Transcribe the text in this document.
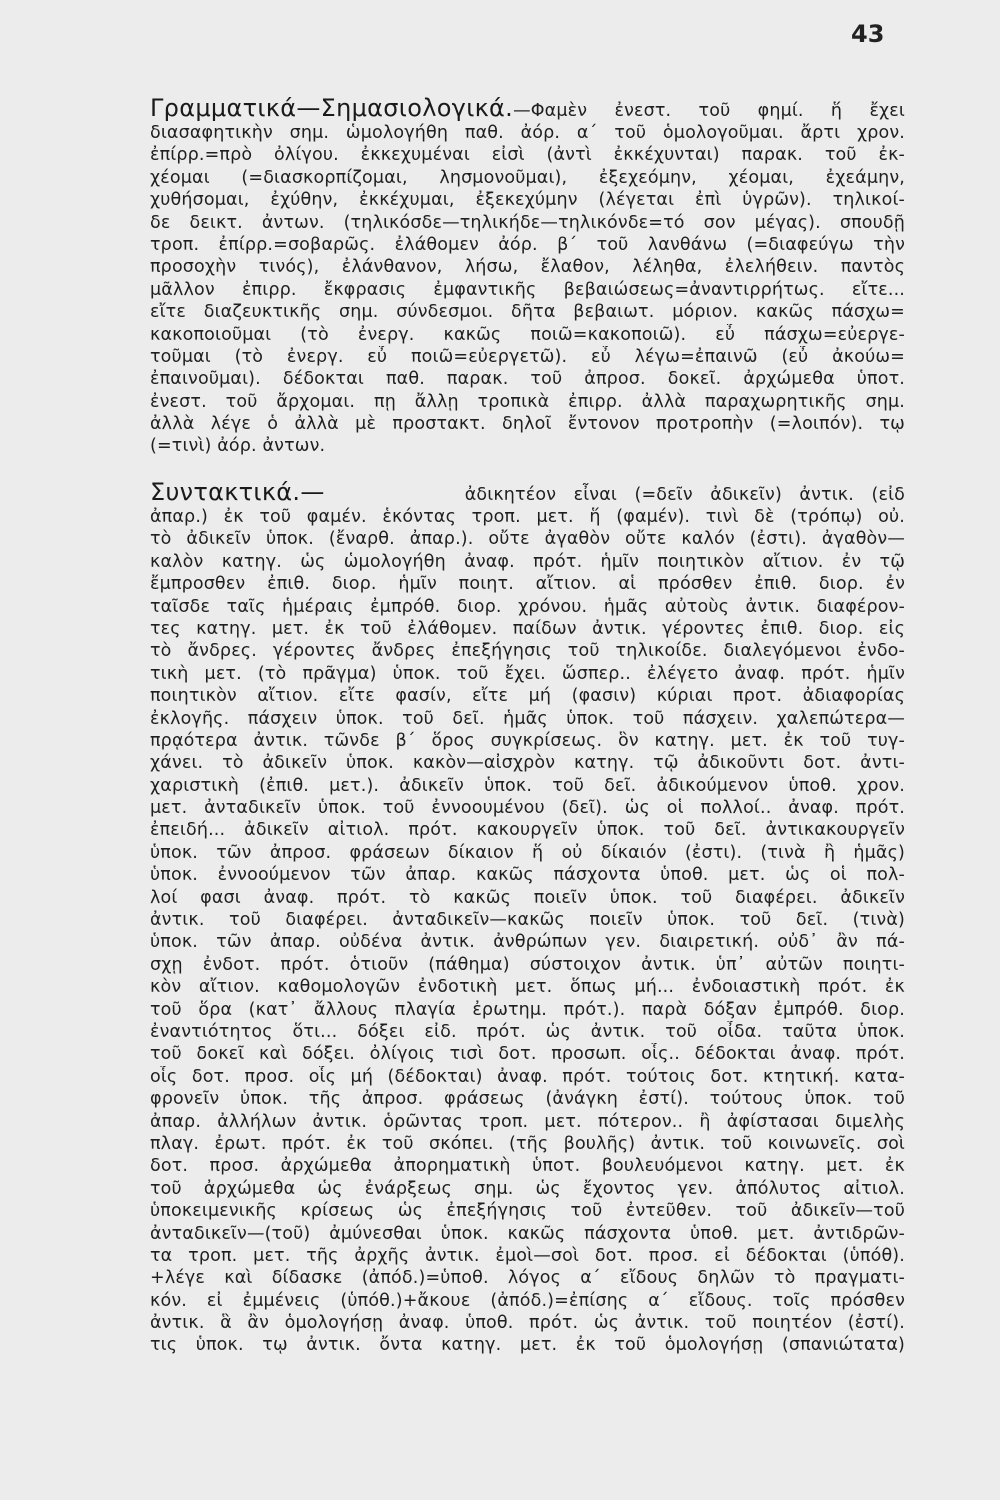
43
Γραμματικά—Σημασιολογικά.—Φαμὲν ἐνεστ. τοῦ φημί. ἥ ἔχει
διασαφητικὴν σημ. ὡμολογήθη παθ. ἀόρ. α΄ τοῦ ὁμολογοῦμαι. ἄρτι χρον.
ἐπίρρ.=πρὸ ὀλίγου. ἐκκεχυμέναι εἰσὶ (ἀντὶ ἐκκέχυνται) παρακ. τοῦ ἐκ-
χέομαι (=διασκορπίζομαι, λησμονοῦμαι), ἐξεχεόμην, χέομαι, ἐχεάμην,
χυθήσομαι, ἐχύθην, ἐκκέχυμαι, ἐξεκεχύμην (λέγεται ἐπὶ ὑγρῶν). τηλικοί-
δε δεικτ. ἀντων. (τηλικόσδε—τηλικήδε—τηλικόνδε=τό σον μέγας). σπουδῇ
τροπ. ἐπίρρ.=σοβαρῶς. ἐλάθομεν ἀόρ. β΄ τοῦ λανθάνω (=διαφεύγω τὴν
προσοχὴν τινός), ἐλάνθανον, λήσω, ἔλαθον, λέληθα, ἐλελήθειν. παντὸς
μᾶλλον ἐπιρρ. ἔκφρασις ἐμφαντικῆς βεβαιώσεως=ἀναντιρρήτως. εἴτε...
εἴτε διαζευκτικῆς σημ. σύνδεσμοι. δῆτα βεβαιωτ. μόριον. κακῶς πάσχω=
κακοποιοῦμαι (τὸ ἐνεργ. κακῶς ποιῶ=κακοποιῶ). εὖ πάσχω=εὐεργε-
τοῦμαι (τὸ ἐνεργ. εὖ ποιῶ=εὐεργετῶ). εὖ λέγω=ἐπαινῶ (εὖ ἀκούω=
ἐπαινοῦμαι). δέδοκται παθ. παρακ. τοῦ ἀπροσ. δοκεῖ. ἀρχώμεθα ὑποτ.
ἐνεστ. τοῦ ἄρχομαι. πῃ ἄλλῃ τροπικὰ ἐπιρρ. ἀλλὰ παραχωρητικῆς σημ.
ἀλλὰ λέγε ὁ ἀλλὰ μὲ προστακτ. δηλοῖ ἔντονον προτροπὴν (=λοιπόν). τῳ
(=τινὶ) ἀόρ. ἀντων.
Συντακτικά.—	ἀδικητέον εἶναι (=δεῖν ἀδικεῖν) ἀντικ. (εἰδ
ἀπαρ.) ἐκ τοῦ φαμέν. ἑκόντας τροπ. μετ. ἥ (φαμέν). τινὶ δὲ (τρόπῳ) οὐ.
τὸ ἀδικεῖν ὑποκ. (ἔναρθ. ἀπαρ.). οὔτε ἀγαθὸν οὔτε καλόν (ἐστι). ἀγαθὸν—
καλὸν κατηγ. ὡς ὡμολογήθη ἀναφ. πρότ. ἡμῖν ποιητικὸν αἴτιον. ἐν τῷ
ἔμπροσθεν ἐπιθ. διορ. ἡμῖν ποιητ. αἴτιον. αἱ πρόσθεν ἐπιθ. διορ. ἐν
ταῖσδε ταῖς ἡμέραις ἐμπρόθ. διορ. χρόνου. ἡμᾶς αὐτοὺς ἀντικ. διαφέρον-
τες κατηγ. μετ. ἐκ τοῦ ἐλάθομεν. παίδων ἀντικ. γέροντες ἐπιθ. διορ. εἰς
τὸ ἄνδρες. γέροντες ἄνδρες ἐπεξήγησις τοῦ τηλικοίδε. διαλεγόμενοι ἐνδο-
τικὴ μετ. (τὸ πρᾶγμα) ὑποκ. τοῦ ἔχει. ὥσπερ.. ἐλέγετο ἀναφ. πρότ. ἡμῖν
ποιητικὸν αἴτιον. εἴτε φασίν, εἴτε μή (φασιν) κύριαι προτ. ἀδιαφορίας
ἐκλογῆς. πάσχειν ὑποκ. τοῦ δεῖ. ἡμᾶς ὑποκ. τοῦ πάσχειν. χαλεπώτερα—
πρᾳότερα ἀντικ. τῶνδε β΄ ὅρος συγκρίσεως. ὃν κατηγ. μετ. ἐκ τοῦ τυγ-
χάνει. τὸ ἀδικεῖν ὑποκ. κακὸν—αἰσχρὸν κατηγ. τῷ ἀδικοῦντι δοτ. ἀντι-
χαριστικὴ (ἐπιθ. μετ.). ἀδικεῖν ὑποκ. τοῦ δεῖ. ἀδικούμενον ὑποθ. χρον.
μετ. ἀνταδικεῖν ὑποκ. τοῦ ἐννοουμένου (δεῖ). ὡς οἱ πολλοί.. ἀναφ. πρότ.
ἐπειδή... ἀδικεῖν αἰτιολ. πρότ. κακουργεῖν ὑποκ. τοῦ δεῖ. ἀντικακουργεῖν
ὑποκ. τῶν ἀπροσ. φράσεων δίκαιον ἥ οὐ δίκαιόν (ἐστι). (τινὰ ἢ ἡμᾶς)
ὑποκ. ἐννοούμενον τῶν ἀπαρ. κακῶς πάσχοντα ὑποθ. μετ. ὡς οἱ πολ-
λοί φασι ἀναφ. πρότ. τὸ κακῶς ποιεῖν ὑποκ. τοῦ διαφέρει. ἀδικεῖν
ἀντικ. τοῦ διαφέρει. ἀνταδικεῖν—κακῶς ποιεῖν ὑποκ. τοῦ δεῖ. (τινὰ)
ὑποκ. τῶν ἀπαρ. οὐδένα ἀντικ. ἀνθρώπων γεν. διαιρετική. οὐδ᾽ ἂν πά-
σχῃ ἐνδοτ. πρότ. ὁτιοῦν (πάθημα) σύστοιχον ἀντικ. ὑπ᾽ αὐτῶν ποιητι-
κὸν αἴτιον. καθομολογῶν ἐνδοτικὴ μετ. ὅπως μή... ἐνδοιαστικὴ πρότ. ἐκ
τοῦ ὅρα (κατ᾽ ἄλλους πλαγία ἐρωτημ. πρότ.). παρὰ δόξαν ἐμπρόθ. διορ.
ἐναντιότητος ὅτι... δόξει εἰδ. πρότ. ὡς ἀντικ. τοῦ οἶδα. ταῦτα ὑποκ.
τοῦ δοκεῖ καὶ δόξει. ὀλίγοις τισὶ δοτ. προσωπ. οἷς.. δέδοκται ἀναφ. πρότ.
οἷς δοτ. προσ. οἷς μή (δέδοκται) ἀναφ. πρότ. τούτοις δοτ. κτητική. κατα-
φρονεῖν ὑποκ. τῆς ἀπροσ. φράσεως (ἀνάγκη ἐστί). τούτους ὑποκ. τοῦ
ἀπαρ. ἀλλήλων ἀντικ. ὁρῶντας τροπ. μετ. πότερον.. ἢ ἀφίστασαι διμελὴς
πλαγ. ἐρωτ. πρότ. ἐκ τοῦ σκόπει. (τῆς βουλῆς) ἀντικ. τοῦ κοινωνεῖς. σοὶ
δοτ. προσ. ἀρχώμεθα ἀπορηματικὴ ὑποτ. βουλευόμενοι κατηγ. μετ. ἐκ
τοῦ ἀρχώμεθα ὡς ἐνάρξεως σημ. ὡς ἔχοντος γεν. ἀπόλυτος αἰτιολ.
ὑποκειμενικῆς κρίσεως ὡς ἐπεξήγησις τοῦ ἐντεῦθεν. τοῦ ἀδικεῖν—τοῦ
ἀνταδικεῖν—(τοῦ) ἀμύνεσθαι ὑποκ. κακῶς πάσχοντα ὑποθ. μετ. ἀντιδρῶν-
τα τροπ. μετ. τῆς ἀρχῆς ἀντικ. ἐμοὶ—σοὶ δοτ. προσ. εἰ δέδοκται (ὑπόθ).
+λέγε καὶ δίδασκε (ἀπόδ.)=ὑποθ. λόγος α΄ εἴδους δηλῶν τὸ πραγματι-
κόν. εἰ ἐμμένεις (ὑπόθ.)+ἄκουε (ἀπόδ.)=ἐπίσης α΄ εἴδους. τοῖς πρόσθεν
ἀντικ. ἃ ἂν ὁμολογήσῃ ἀναφ. ὑποθ. πρότ. ὡς ἀντικ. τοῦ ποιητέον (ἐστί).
τις ὑποκ. τῳ ἀντικ. ὄντα κατηγ. μετ. ἐκ τοῦ ὁμολογήσῃ (σπανιώτατα)
